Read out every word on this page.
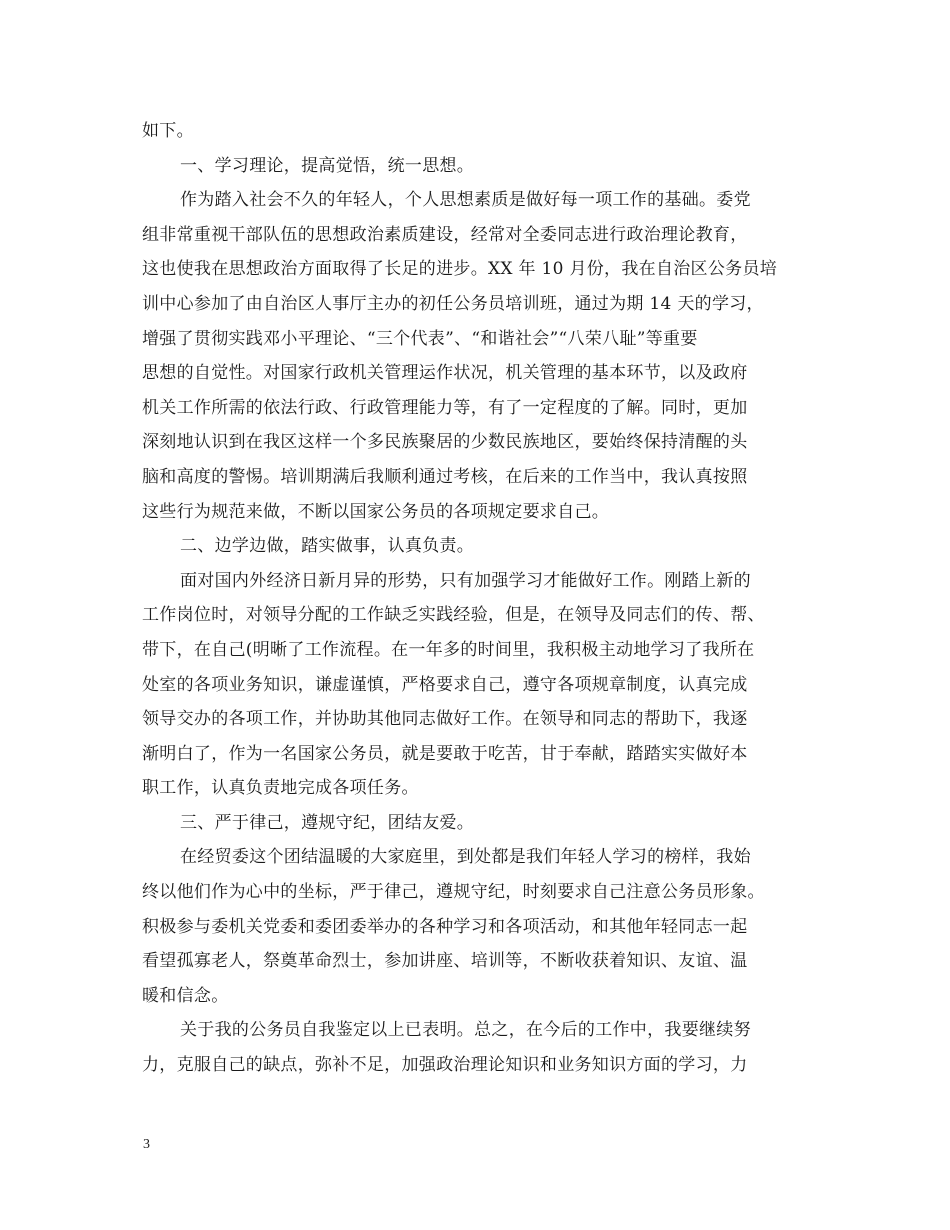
如下。
一、学习理论，提高觉悟，统一思想。
作为踏入社会不久的年轻人，个人思想素质是做好每一项工作的基础。委党
组非常重视干部队伍的思想政治素质建设，经常对全委同志进行政治理论教育，
这也使我在思想政治方面取得了长足的进步。XX 年 10 月份，我在自治区公务员培
训中心参加了由自治区人事厅主办的初任公务员培训班，通过为期 14 天的学习，
增强了贯彻实践邓小平理论、“三个代表”、“和谐社会”“八荣八耻”等重要
思想的自觉性。对国家行政机关管理运作状况，机关管理的基本环节，以及政府
机关工作所需的依法行政、行政管理能力等，有了一定程度的了解。同时，更加
深刻地认识到在我区这样一个多民族聚居的少数民族地区，要始终保持清醒的头
脑和高度的警惕。培训期满后我顺利通过考核，在后来的工作当中，我认真按照
这些行为规范来做，不断以国家公务员的各项规定要求自己。
二、边学边做，踏实做事，认真负责。
面对国内外经济日新月异的形势，只有加强学习才能做好工作。刚踏上新的
工作岗位时，对领导分配的工作缺乏实践经验，但是，在领导及同志们的传、帮、
带下，在自己(明晰了工作流程。在一年多的时间里，我积极主动地学习了我所在
处室的各项业务知识，谦虚谨慎，严格要求自己，遵守各项规章制度，认真完成
领导交办的各项工作，并协助其他同志做好工作。在领导和同志的帮助下，我逐
渐明白了，作为一名国家公务员，就是要敢于吃苦，甘于奉献，踏踏实实做好本
职工作，认真负责地完成各项任务。
三、严于律己，遵规守纪，团结友爱。
在经贸委这个团结温暖的大家庭里，到处都是我们年轻人学习的榜样，我始
终以他们作为心中的坐标，严于律己，遵规守纪，时刻要求自己注意公务员形象。
积极参与委机关党委和委团委举办的各种学习和各项活动，和其他年轻同志一起
看望孤寡老人，祭奠革命烈士，参加讲座、培训等，不断收获着知识、友谊、温
暖和信念。
关于我的公务员自我鉴定以上已表明。总之，在今后的工作中，我要继续努
力，克服自己的缺点，弥补不足，加强政治理论知识和业务知识方面的学习，力
3
